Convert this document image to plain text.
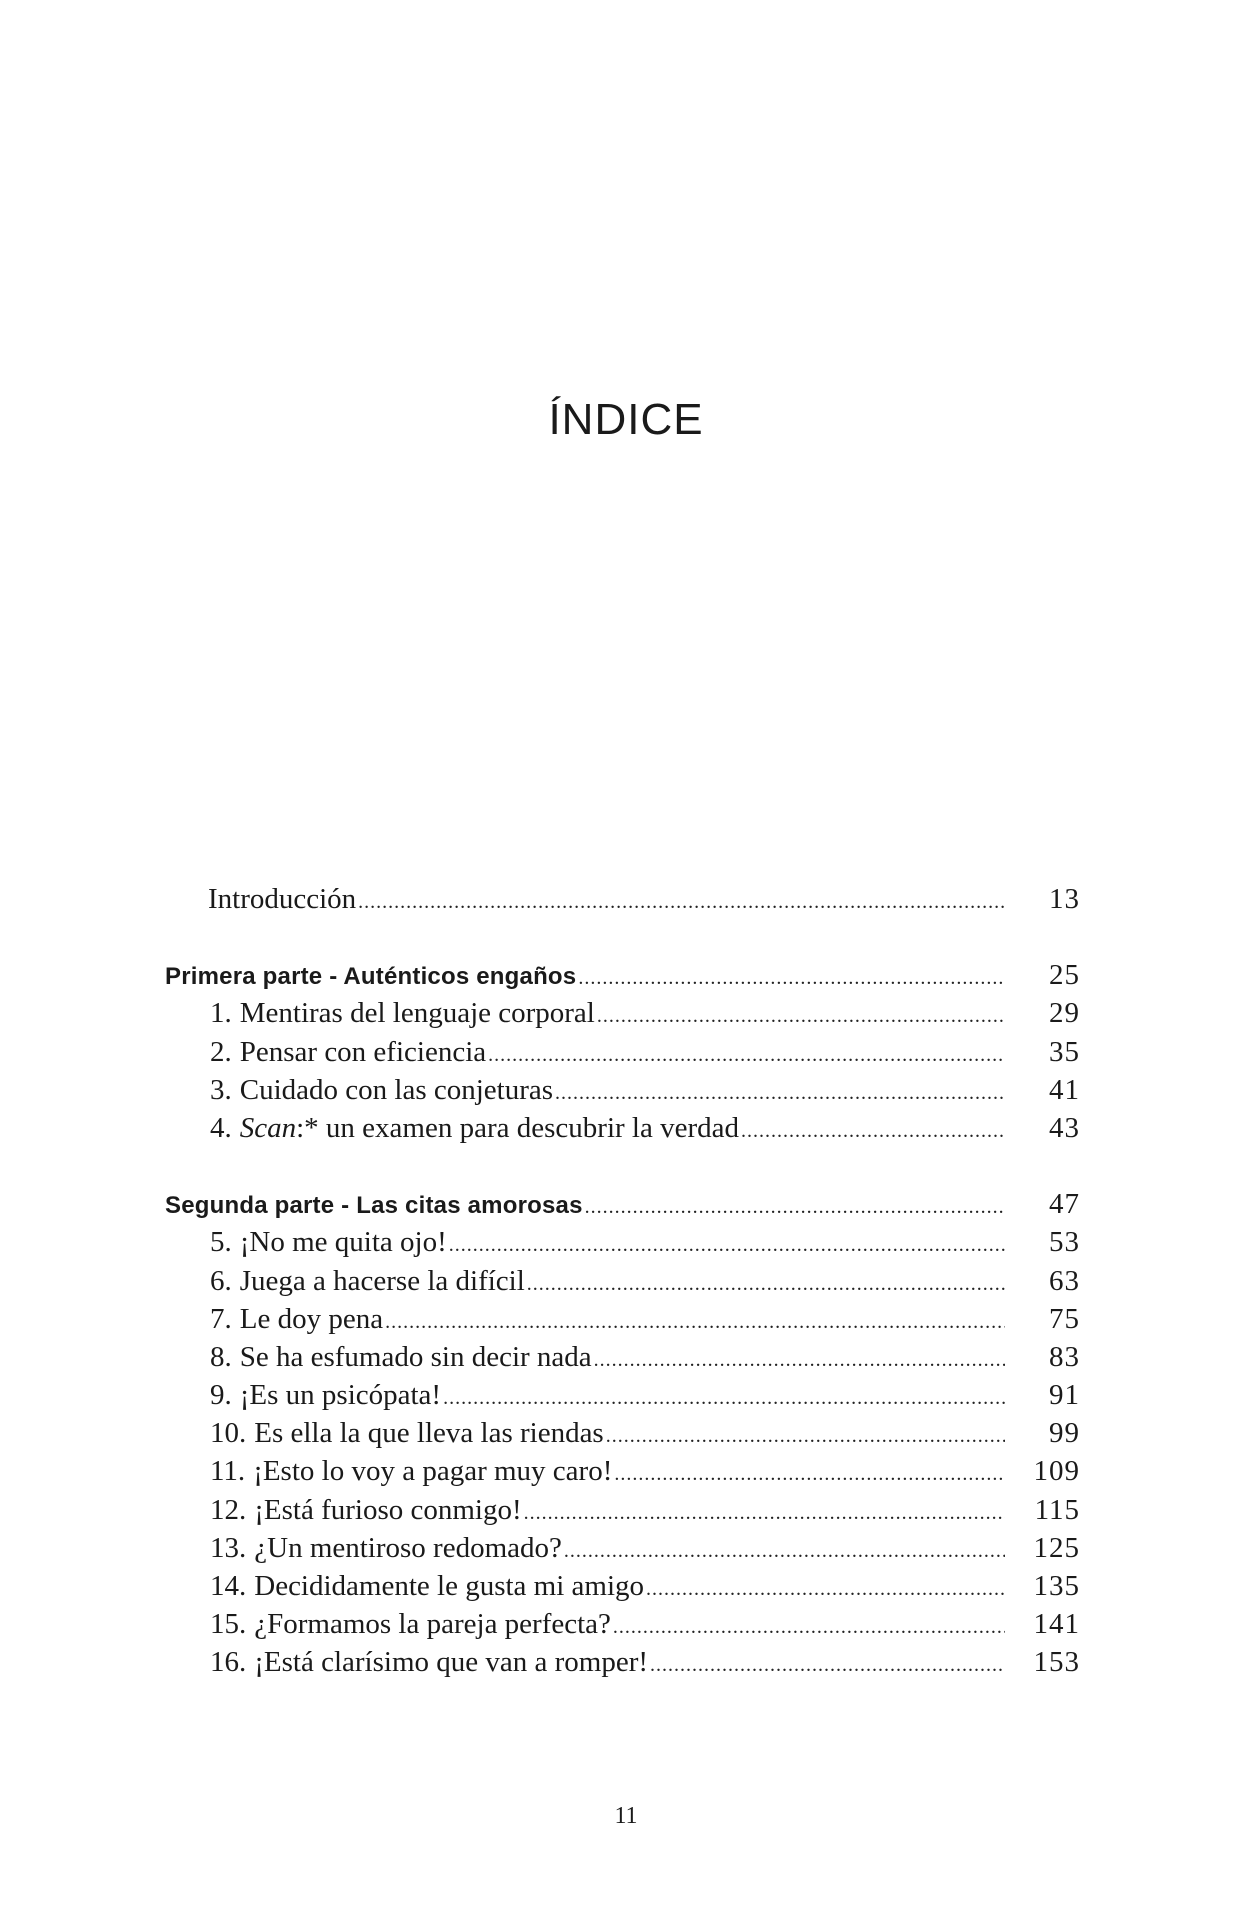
ÍNDICE
Introducción .....	13
Primera parte - Auténticos engaños .....	25
1. Mentiras del lenguaje corporal .....	29
2. Pensar con eficiencia .....	35
3. Cuidado con las conjeturas .....	41
4. Scan:* un examen para descubrir la verdad .....	43
Segunda parte - Las citas amorosas .....	47
5. ¡No me quita ojo! .....	53
6. Juega a hacerse la difícil .....	63
7. Le doy pena .....	75
8. Se ha esfumado sin decir nada .....	83
9. ¡Es un psicópata! .....	91
10. Es ella la que lleva las riendas .....	99
11. ¡Esto lo voy a pagar muy caro! .....	109
12. ¡Está furioso conmigo! .....	115
13. ¿Un mentiroso redomado? .....	125
14. Decididamente le gusta mi amigo .....	135
15. ¿Formamos la pareja perfecta? .....	141
16. ¡Está clarísimo que van a romper! .....	153
11
